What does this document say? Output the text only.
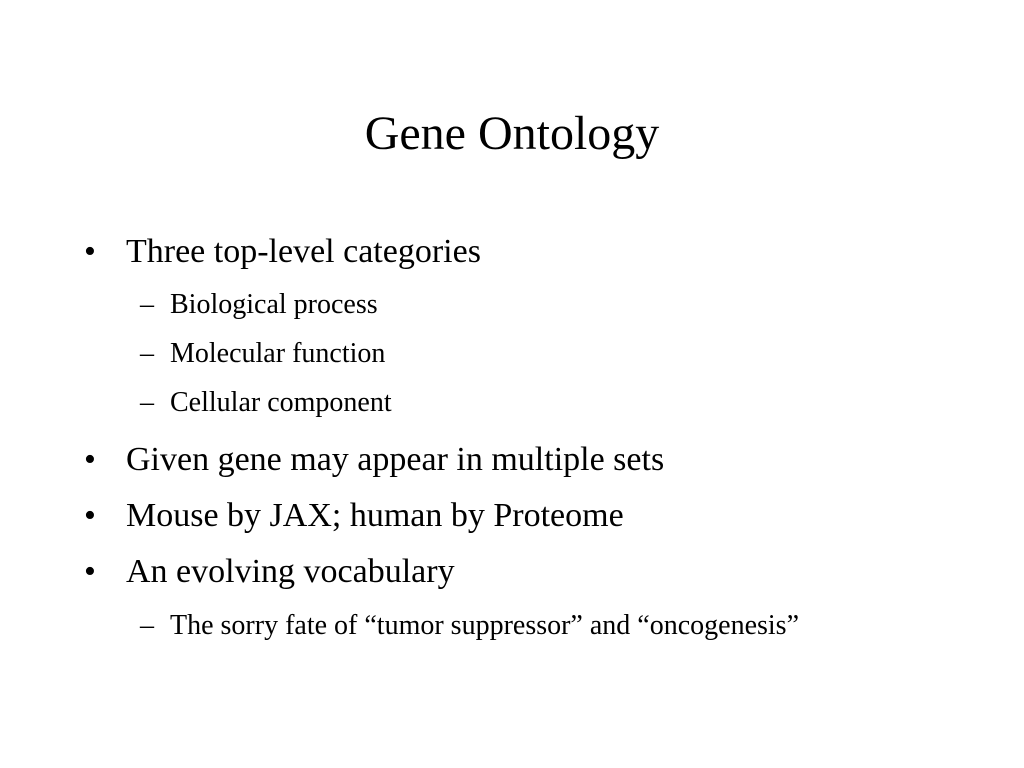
Gene Ontology
• Three top-level categories
– Biological process
– Molecular function
– Cellular component
• Given gene may appear in multiple sets
• Mouse by JAX; human by Proteome
• An evolving vocabulary
– The sorry fate of “tumor suppressor” and “oncogenesis”
